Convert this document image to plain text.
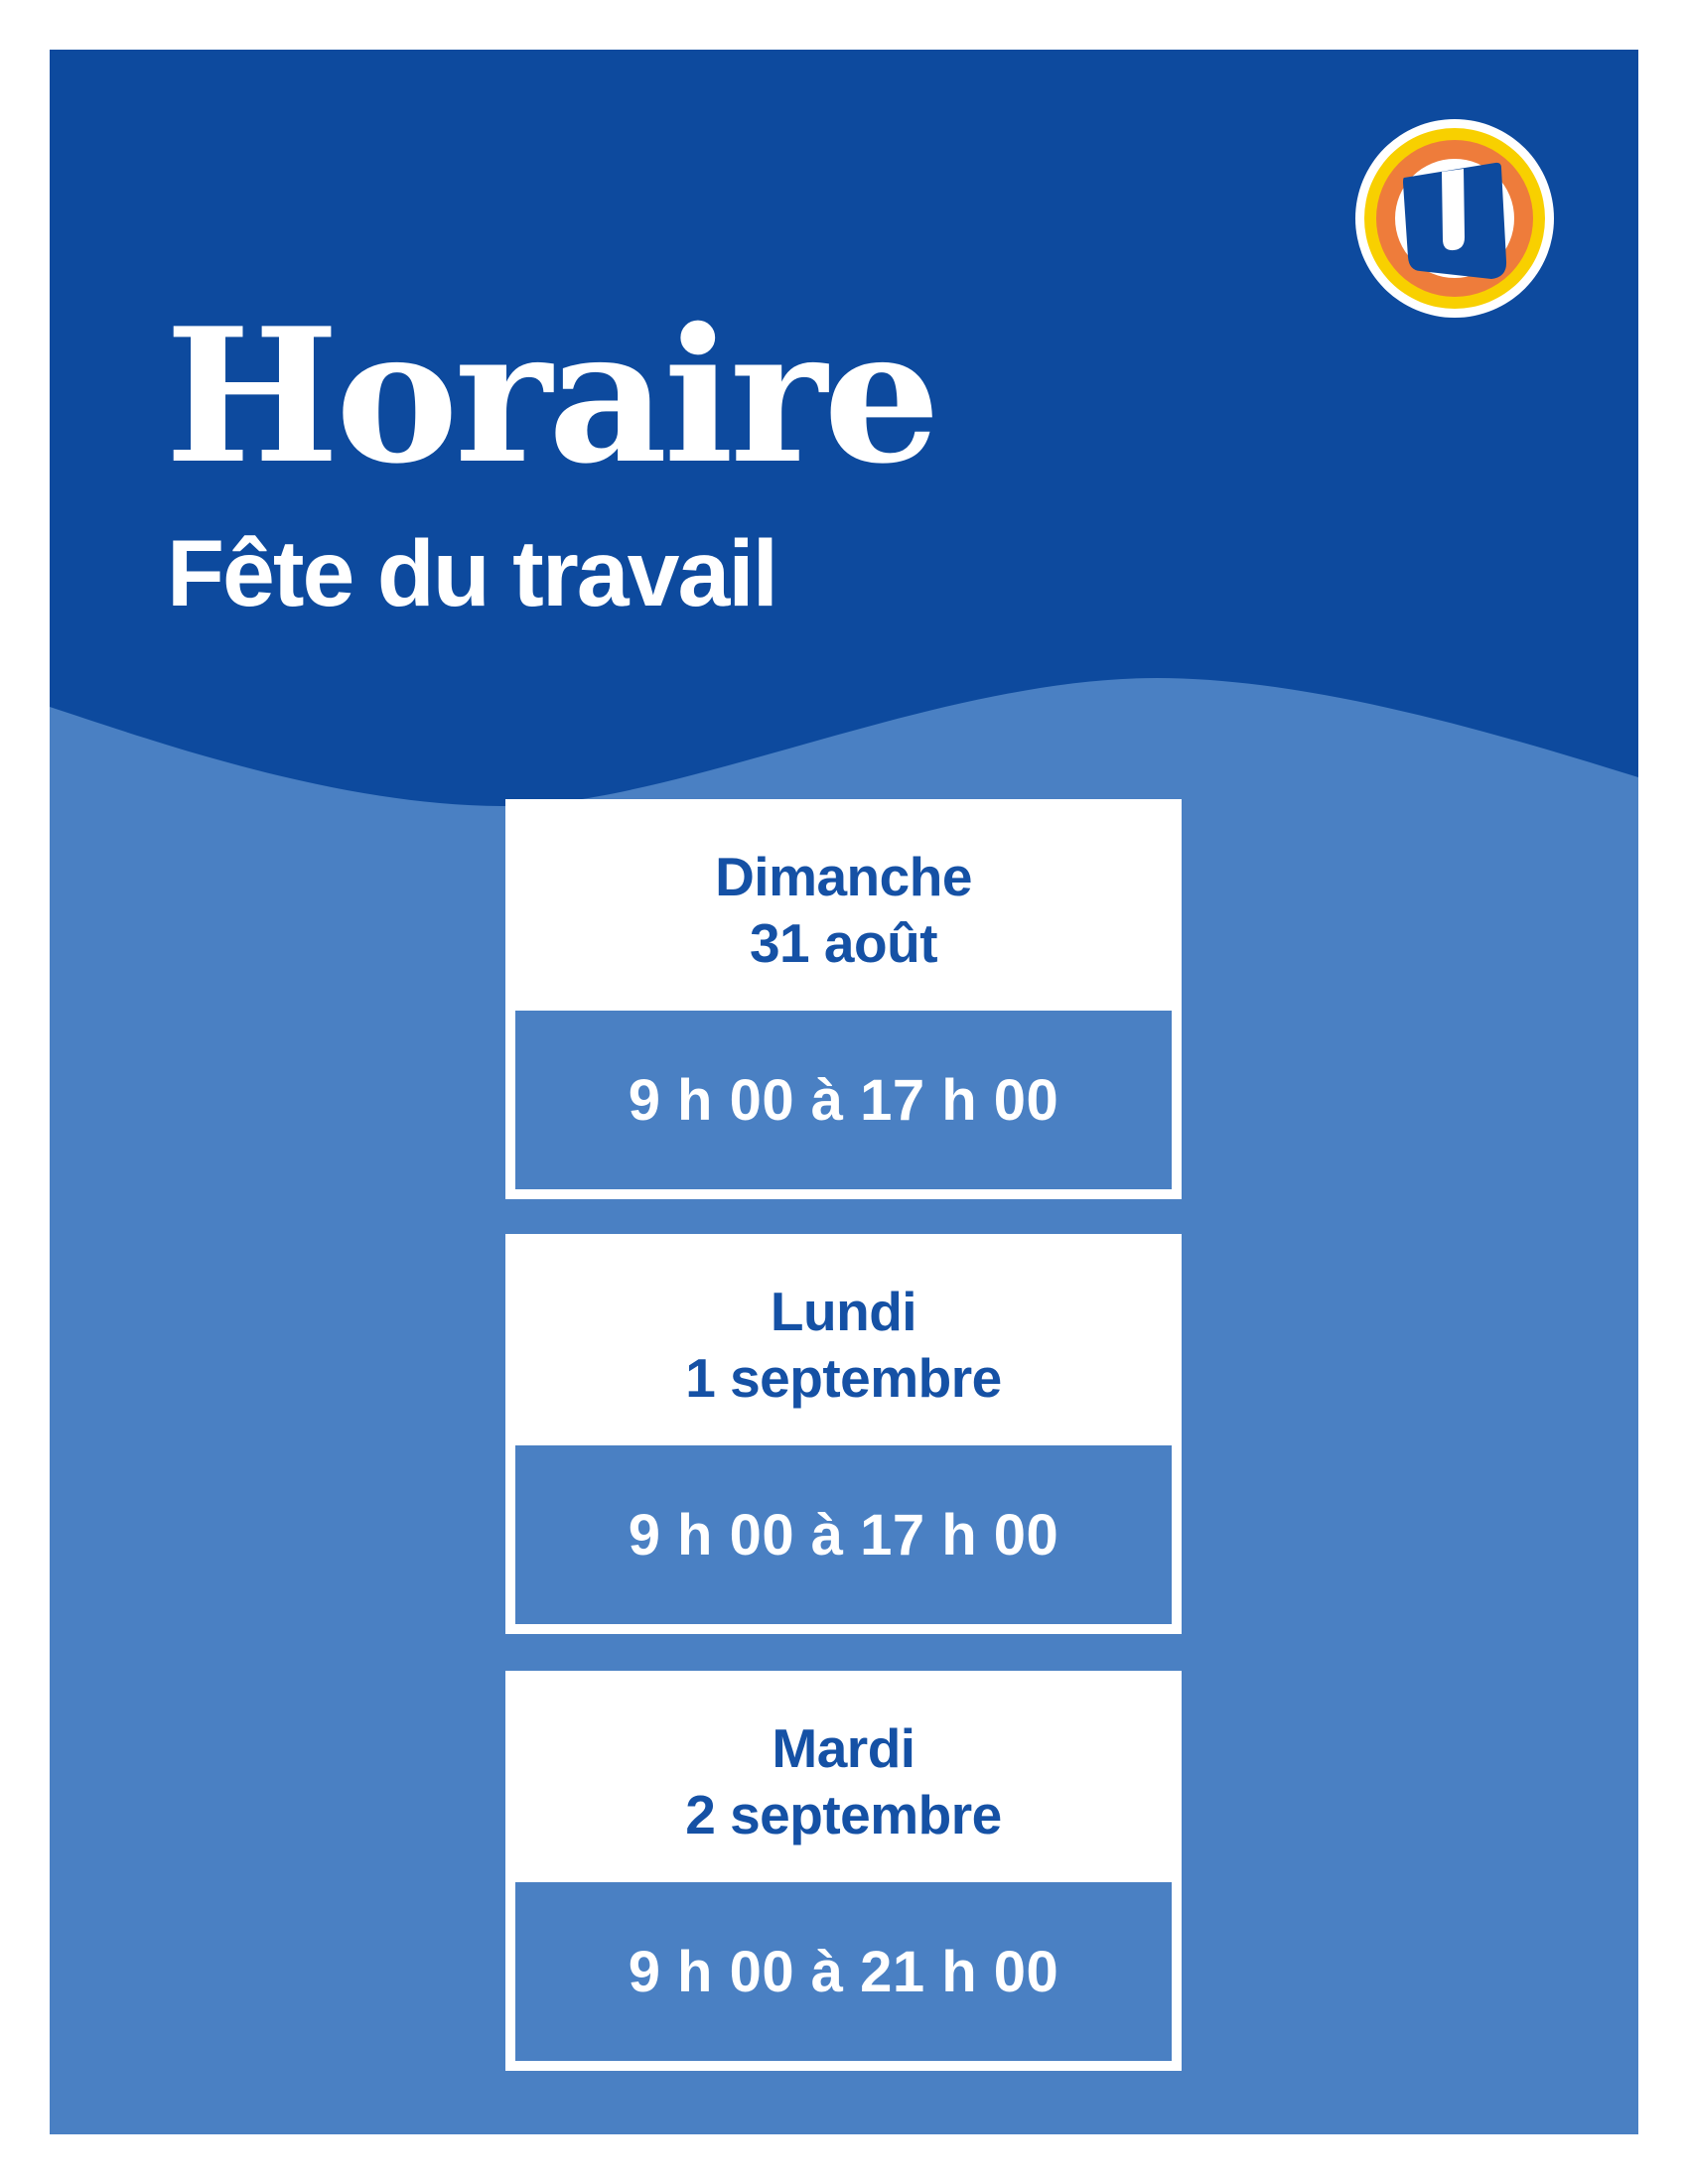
Horaire
Fête du travail
Dimanche
31 août
9 h 00 à 17 h 00
Lundi
1 septembre
9 h 00 à 17 h 00
Mardi
2 septembre
9 h 00 à 21 h 00
